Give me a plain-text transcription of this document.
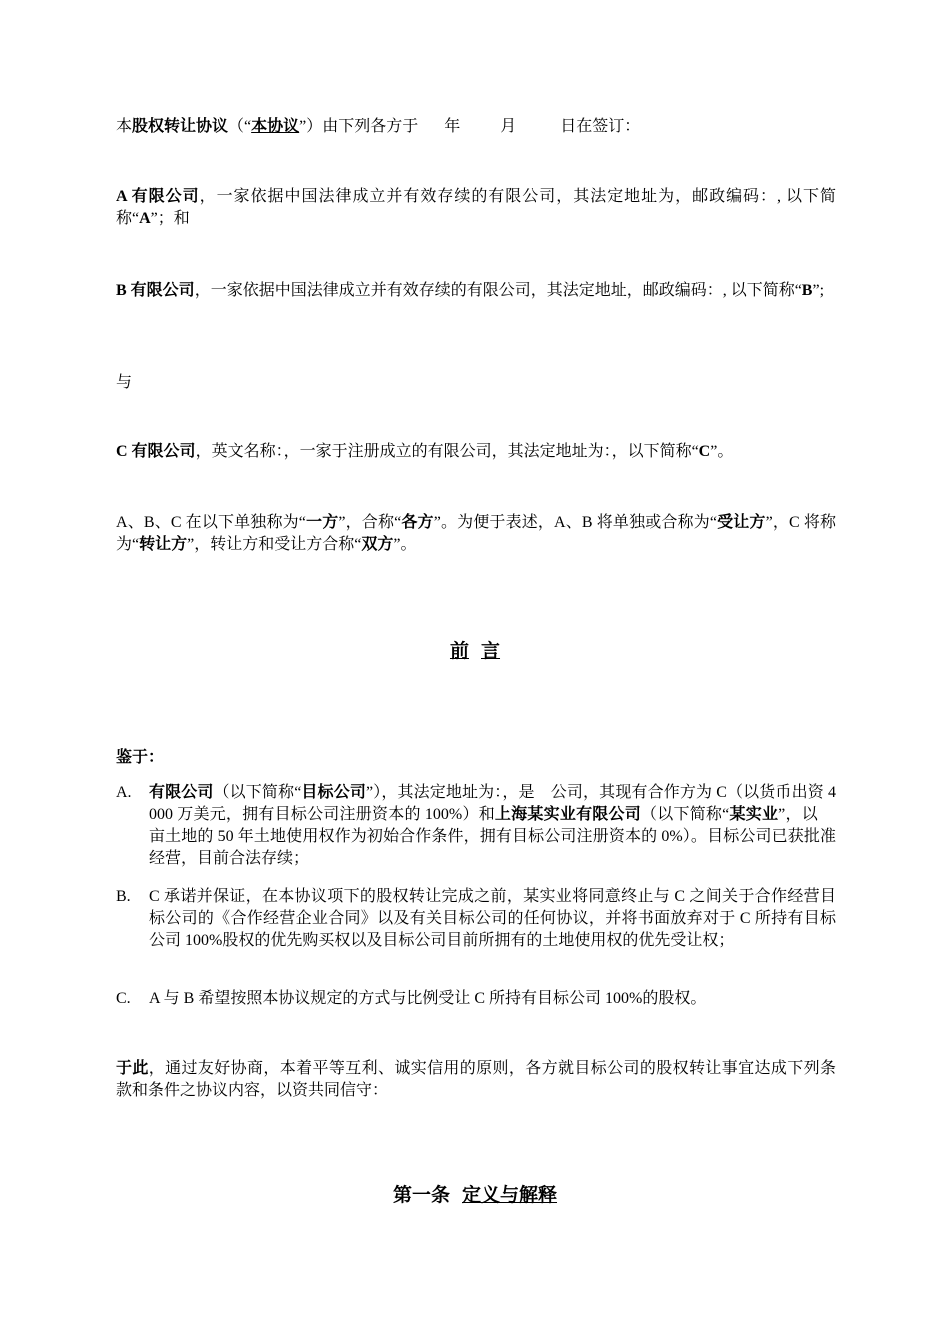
本股权转让协议（“本协议”）由下列各方于 年	月	日在签订：
A 有限公司，一家依据中国法律成立并有效存续的有限公司，其法定地址为，邮政编码：, 以下简称“A”；和
B 有限公司，一家依据中国法律成立并有效存续的有限公司，其法定地址，邮政编码：, 以下简称“B”;
与
C 有限公司，英文名称：，一家于注册成立的有限公司，其法定地址为：，以下简称“C”。
A、B、C 在以下单独称为“一方”，合称“各方”。为便于表述，A、B 将单独或合称为“受让方”，C 将称为“转让方”，转让方和受让方合称“双方”。
前 言
鉴于：
A.	有限公司（以下简称“目标公司”），其法定地址为：，是 公司，其现有合作方为 C（以货币出资 4000 万美元，拥有目标公司注册资本的 100%）和上海某实业有限公司（以下简称“某实业”，以亩土地的 50 年土地使用权作为初始合作条件，拥有目标公司注册资本的 0%）。目标公司已获批准经营，目前合法存续；
B.	C 承诺并保证，在本协议项下的股权转让完成之前，某实业将同意终止与 C 之间关于合作经营目标公司的《合作经营企业合同》以及有关目标公司的任何协议，并将书面放弃对于 C 所持有目标公司 100%股权的优先购买权以及目标公司目前所拥有的土地使用权的优先受让权；
C.	A 与 B 希望按照本协议规定的方式与比例受让 C 所持有目标公司 100%的股权。
于此，通过友好协商，本着平等互利、诚实信用的原则，各方就目标公司的股权转让事宜达成下列条款和条件之协议内容，以资共同信守：
第一条 定义与解释
